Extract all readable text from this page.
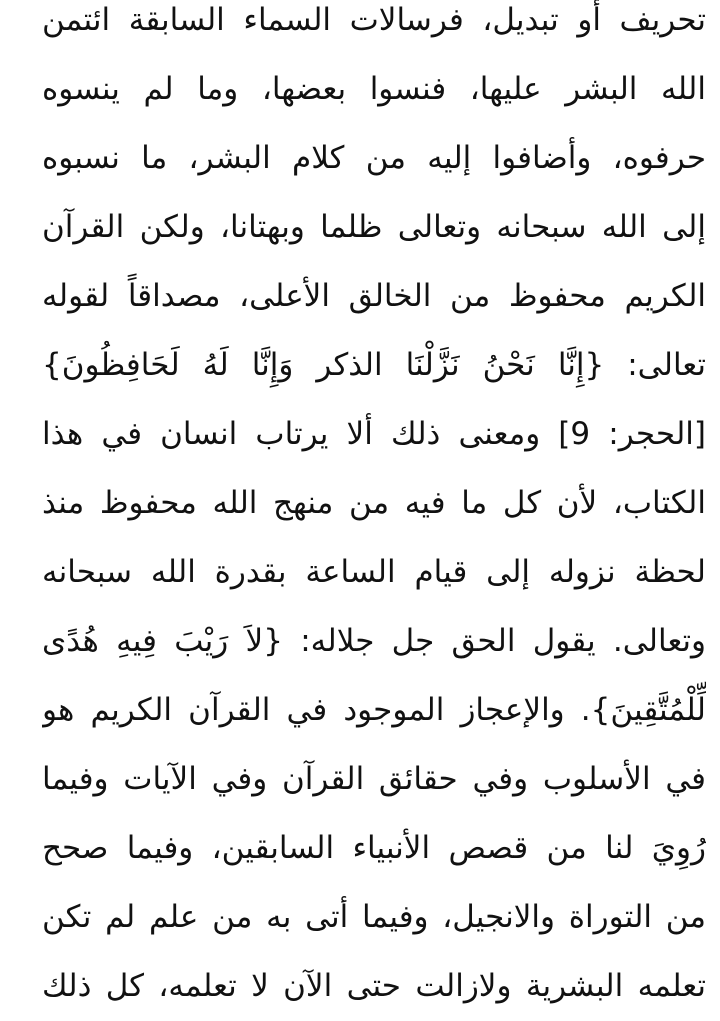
تحريف أو تبديل، فرسالات السماء السابقة ائتمن
الله البشر عليها، فنسوا بعضها، وما لم ينسوه
حرفوه، وأضافوا إليه من كلام البشر، ما نسبوه
إلى الله سبحانه وتعالى ظلما وبهتانا، ولكن القرآن
الكريم محفوظ من الخالق الأعلى، مصداقاً لقوله
تعالى: {إِنَّا نَحْنُ نَزَّلْنَا الذكر وَإِنَّا لَهُ لَحَافِظُونَ}
[الحجر: 9] ومعنى ذلك ألا يرتاب انسان في هذا
الكتاب، لأن كل ما فيه من منهج الله محفوظ منذ
لحظة نزوله إلى قيام الساعة بقدرة الله سبحانه
وتعالى. يقول الحق جل جلاله: {لاَ رَيْبَ فِيهِ هُدًى
لِّلْمُتَّقِينَ}. والإعجاز الموجود في القرآن الكريم هو
في الأسلوب وفي حقائق القرآن وفي الآيات وفيما
رُوِيَ لنا من قصص الأنبياء السابقين، وفيما صحح
من التوراة والانجيل، وفيما أتى به من علم لم تكن
تعلمه البشرية ولازالت حتى الآن لا تعلمه، كل ذلك
